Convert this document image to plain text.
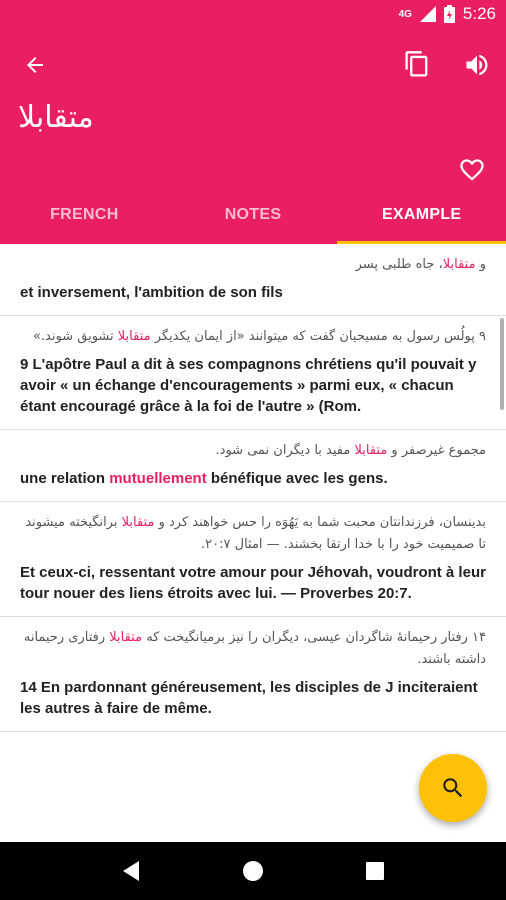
4G	5:26
متقابلا
FRENCH	NOTES	EXAMPLE
و متقابلا، جاه طلبی پسر
et inversement, l'ambition de son fils
۹ پولُس رسول به مسیحیان گفت که میتوانند «از ایمان یکدیگر متقابلا تشویق شوند.»
9 L'apôtre Paul a dit à ses compagnons chrétiens qu'il pouvait y avoir « un échange d'encouragements » parmi eux, « chacun étant encouragé grâce à la foi de l'autre » (Rom.
مجموع غیرصفر و متقابلا مفید با دیگران نمی شود.
une relation mutuellement bénéfique avec les gens.
بدینسان، فرزندانتان محبت شما به یَهُوَه را حس خواهند کرد و متقابلا برانگیخته میشوند تا صمیمیت خود را با خدا ارتقا بخشند. — امثال ۲۰:۷.
Et ceux-ci, ressentant votre amour pour Jéhovah, voudront à leur tour nouer des liens étroits avec lui. — Proverbes 20:7.
۱۴ رفتار رحیمانهٔ شاگردان عیسی، دیگران را نیز برمیانگیخت که متقابلا رفتاری رحیمانه داشته باشند.
14 En pardonnant généreusement, les disciples de J inciteraient les autres à faire de même.
